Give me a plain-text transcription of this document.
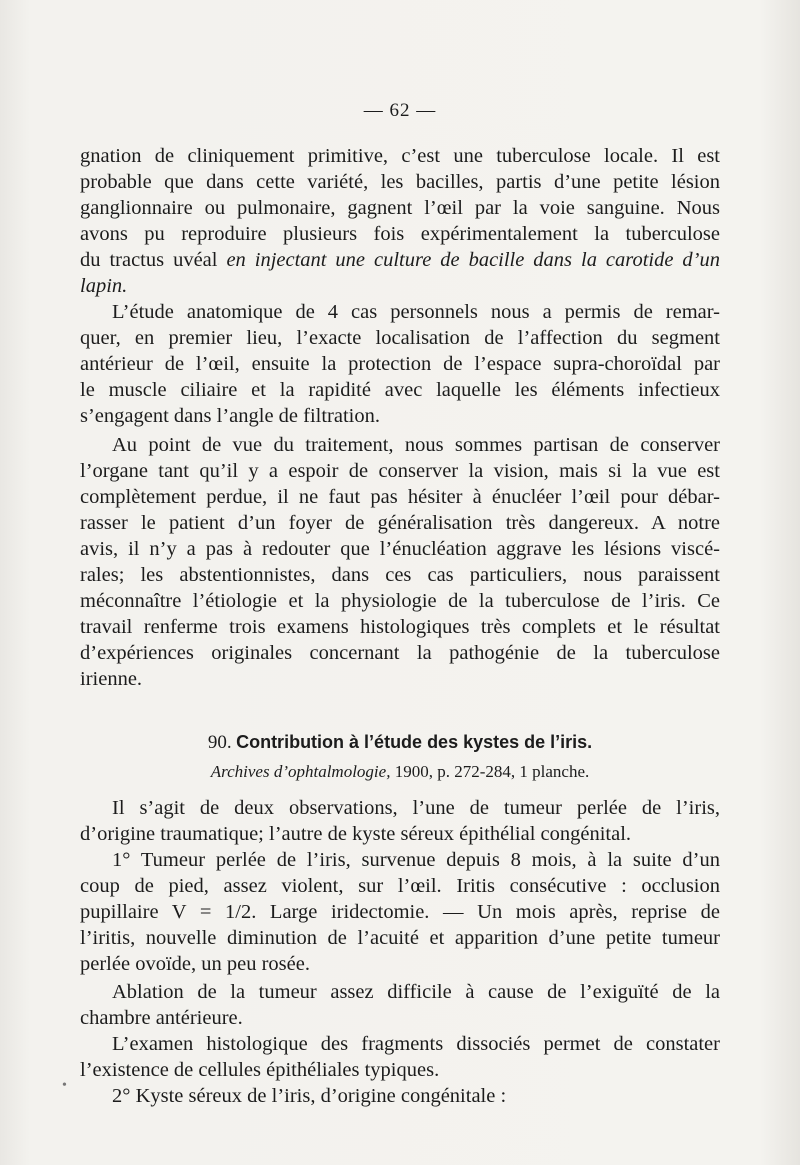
— 62 —
gnation de cliniquement primitive, c’est une tuberculose locale. Il est
probable que dans cette variété, les bacilles, partis d’une petite lésion
ganglionnaire ou pulmonaire, gagnent l’œil par la voie sanguine. Nous
avons pu reproduire plusieurs fois expérimentalement la tuberculose
du tractus uvéal en injectant une culture de bacille dans la carotide d’un
lapin.
L’étude anatomique de 4 cas personnels nous a permis de remar-
quer, en premier lieu, l’exacte localisation de l’affection du segment
antérieur de l’œil, ensuite la protection de l’espace supra-choroïdal par
le muscle ciliaire et la rapidité avec laquelle les éléments infectieux
s’engagent dans l’angle de filtration.
Au point de vue du traitement, nous sommes partisan de conserver
l’organe tant qu’il y a espoir de conserver la vision, mais si la vue est
complètement perdue, il ne faut pas hésiter à énucléer l’œil pour débar-
rasser le patient d’un foyer de généralisation très dangereux. A notre
avis, il n’y a pas à redouter que l’énucléation aggrave les lésions viscé-
rales; les abstentionnistes, dans ces cas particuliers, nous paraissent
méconnaître l’étiologie et la physiologie de la tuberculose de l’iris. Ce
travail renferme trois examens histologiques très complets et le résultat
d’expériences originales concernant la pathogénie de la tuberculose
irienne.
90. Contribution à l’étude des kystes de l’iris.
Archives d’ophtalmologie, 1900, p. 272-284, 1 planche.
Il s’agit de deux observations, l’une de tumeur perlée de l’iris,
d’origine traumatique; l’autre de kyste séreux épithélial congénital.
1° Tumeur perlée de l’iris, survenue depuis 8 mois, à la suite d’un
coup de pied, assez violent, sur l’œil. Iritis consécutive : occlusion
pupillaire V = 1/2. Large iridectomie. — Un mois après, reprise de
l’iritis, nouvelle diminution de l’acuité et apparition d’une petite tumeur
perlée ovoïde, un peu rosée.
Ablation de la tumeur assez difficile à cause de l’exiguïté de la
chambre antérieure.
L’examen histologique des fragments dissociés permet de constater
l’existence de cellules épithéliales typiques.
2° Kyste séreux de l’iris, d’origine congénitale :
•
